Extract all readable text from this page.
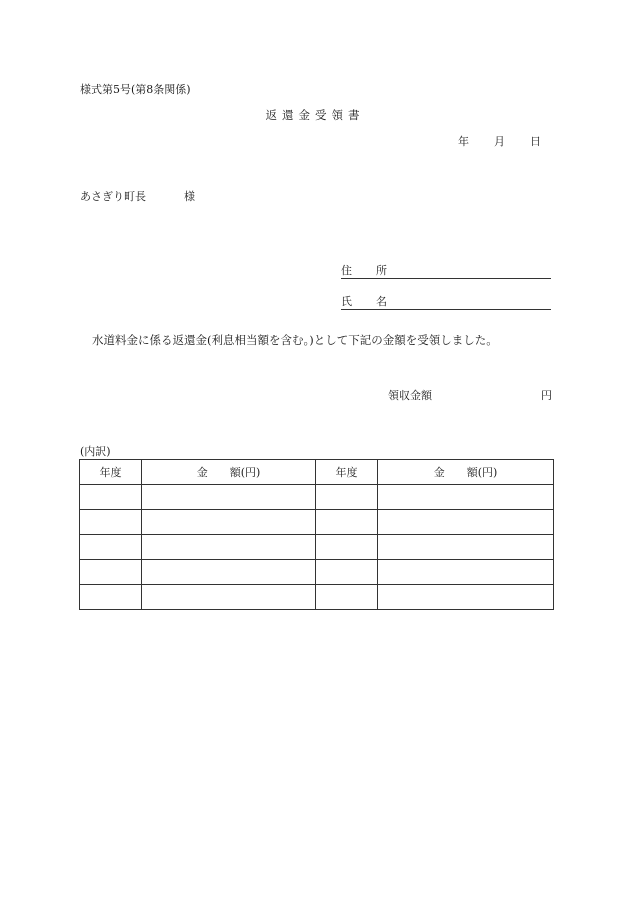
様式第5号(第8条関係)
返還金受領書
年 月 日
あさぎり町長	様
住 所
氏 名
水道料金に係る返還金(利息相当額を含む。)として下記の金額を受領しました。
領収金額	円
(内訳)
年度	金 額(円)	年度	金 額(円)
